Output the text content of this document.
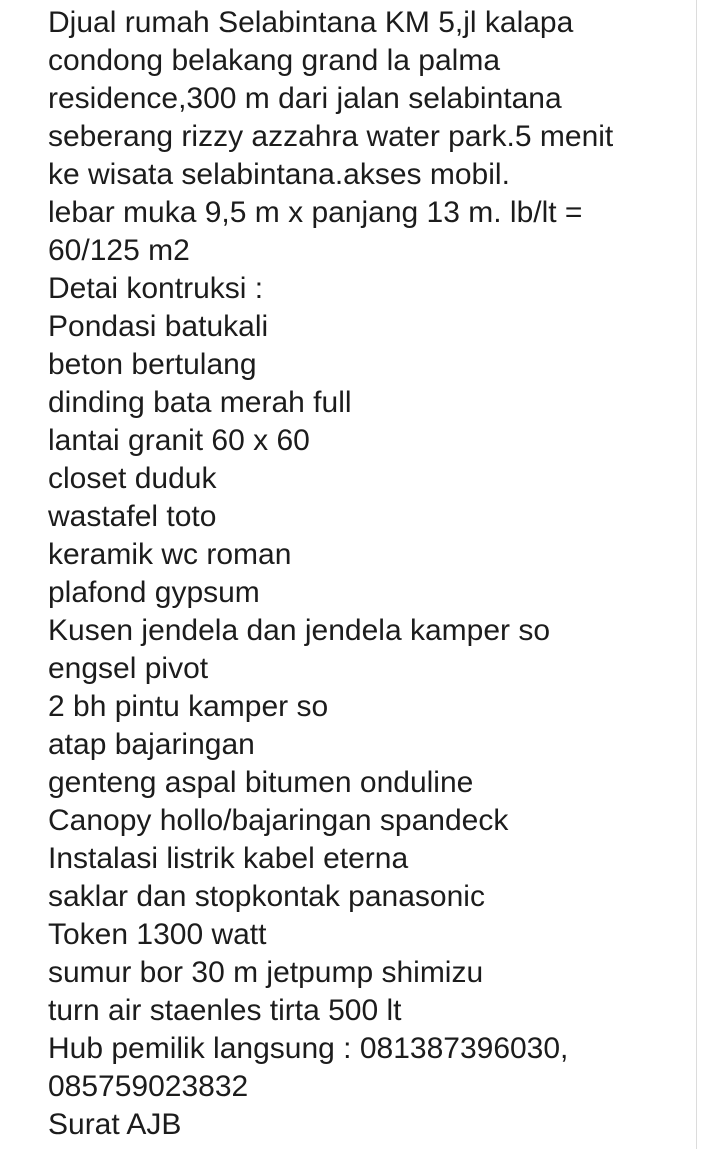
Djual rumah Selabintana KM 5,jl kalapa
condong belakang grand la palma
residence,300 m dari jalan selabintana
seberang rizzy azzahra water park.5 menit
ke wisata selabintana.akses mobil.
lebar muka 9,5 m x panjang 13 m. lb/lt =
60/125 m2
Detai kontruksi :
Pondasi batukali
beton bertulang
dinding bata merah full
lantai granit 60 x 60
closet duduk
wastafel toto
keramik wc roman
plafond gypsum
Kusen jendela dan jendela kamper so
engsel pivot
2 bh pintu kamper so
atap bajaringan
genteng aspal bitumen onduline
Canopy hollo/bajaringan spandeck
Instalasi listrik kabel eterna
saklar dan stopkontak panasonic
Token 1300 watt
sumur bor 30 m jetpump shimizu
turn air staenles tirta 500 lt
Hub pemilik langsung : 081387396030,
085759023832
Surat AJB
